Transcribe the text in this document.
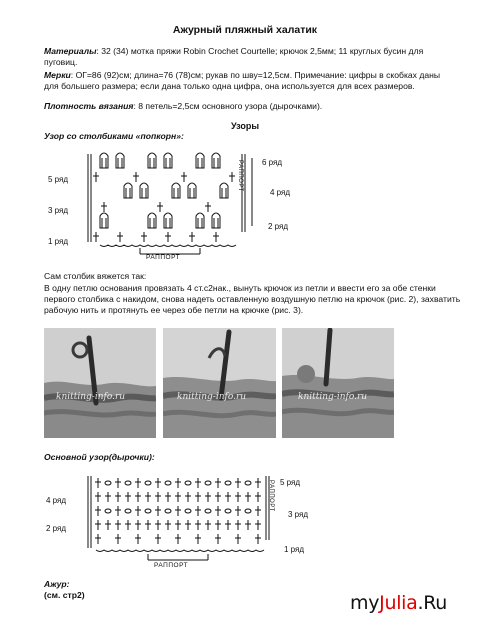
Ажурный пляжный халатик
Материалы: 32 (34) мотка пряжи Robin Crochet Courtelle; крючок 2,5мм; 11 круглых бусин для пуговиц.
Мерки: ОГ=86 (92)см; длина=76 (78)см; рукав по шву=12,5см. Примечание: цифры в скобках даны для большего размера; если дана только одна цифра, она используется для всех размеров.
Плотность вязания: 8 петель=2,5см основного узора (дырочками).
Узоры
Узор со столбиками «попкорн»:
5 ряд
3 ряд
1 ряд
6 ряд
4 ряд
2 ряд
РАППОРТ
РАППОРТ
Сам столбик вяжется так:
В одну петлю основания провязать 4 ст.с2нак., вынуть крючок из петли и ввести его за обе стенки первого столбика с накидом, снова надеть оставленную воздушную петлю на крючок (рис. 2), захватить рабочую нить и протянуть ее через обе петли на крючке (рис. 3).
knitting-info.ru	knitting-info.ru	knitting-info.ru
Основной узор(дырочки):
4 ряд
2 ряд
5 ряд
3 ряд
1 ряд
РАППОРТ
РАППОРТ
Ажур:
(см. стр2)	myJulia.Ru
